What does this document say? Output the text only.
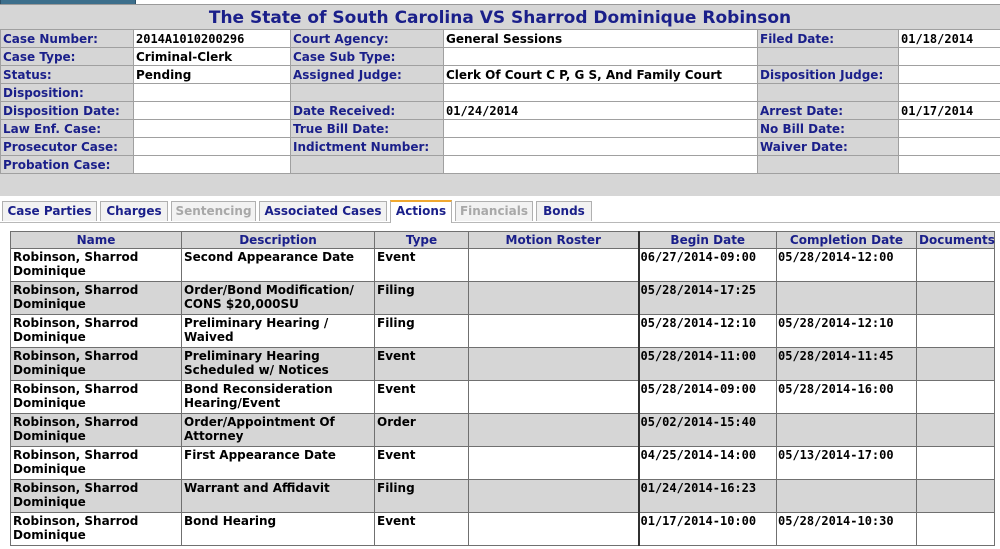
The State of South Carolina VS Sharrod Dominique Robinson
Case Number:	2014A1010200296	Court Agency:	General Sessions	Filed Date:	01/18/2014
Case Type:	Criminal-Clerk	Case Sub Type:			
Status:	Pending	Assigned Judge:	Clerk Of Court C P, G S, And Family Court	Disposition Judge:	
Disposition:					
Disposition Date:		Date Received:	01/24/2014	Arrest Date:	01/17/2014
Law Enf. Case:		True Bill Date:		No Bill Date:	
Prosecutor Case:		Indictment Number:		Waiver Date:	
Probation Case:					
Case Parties	Charges	Sentencing	Associated Cases	Actions	Financials	Bonds
Name	Description	Type	Motion Roster	Begin Date	Completion Date	Documents
Robinson, Sharrod Dominique	Second Appearance Date	Event		06/27/2014-09:00	05/28/2014-12:00	
Robinson, Sharrod Dominique	Order/Bond Modification/ CONS $20,000SU	Filing		05/28/2014-17:25		
Robinson, Sharrod Dominique	Preliminary Hearing / Waived	Filing		05/28/2014-12:10	05/28/2014-12:10	
Robinson, Sharrod Dominique	Preliminary Hearing Scheduled w/ Notices	Event		05/28/2014-11:00	05/28/2014-11:45	
Robinson, Sharrod Dominique	Bond Reconsideration Hearing/Event	Event		05/28/2014-09:00	05/28/2014-16:00	
Robinson, Sharrod Dominique	Order/Appointment Of Attorney	Order		05/02/2014-15:40		
Robinson, Sharrod Dominique	First Appearance Date	Event		04/25/2014-14:00	05/13/2014-17:00	
Robinson, Sharrod Dominique	Warrant and Affidavit	Filing		01/24/2014-16:23		
Robinson, Sharrod Dominique	Bond Hearing	Event		01/17/2014-10:00	05/28/2014-10:30	
